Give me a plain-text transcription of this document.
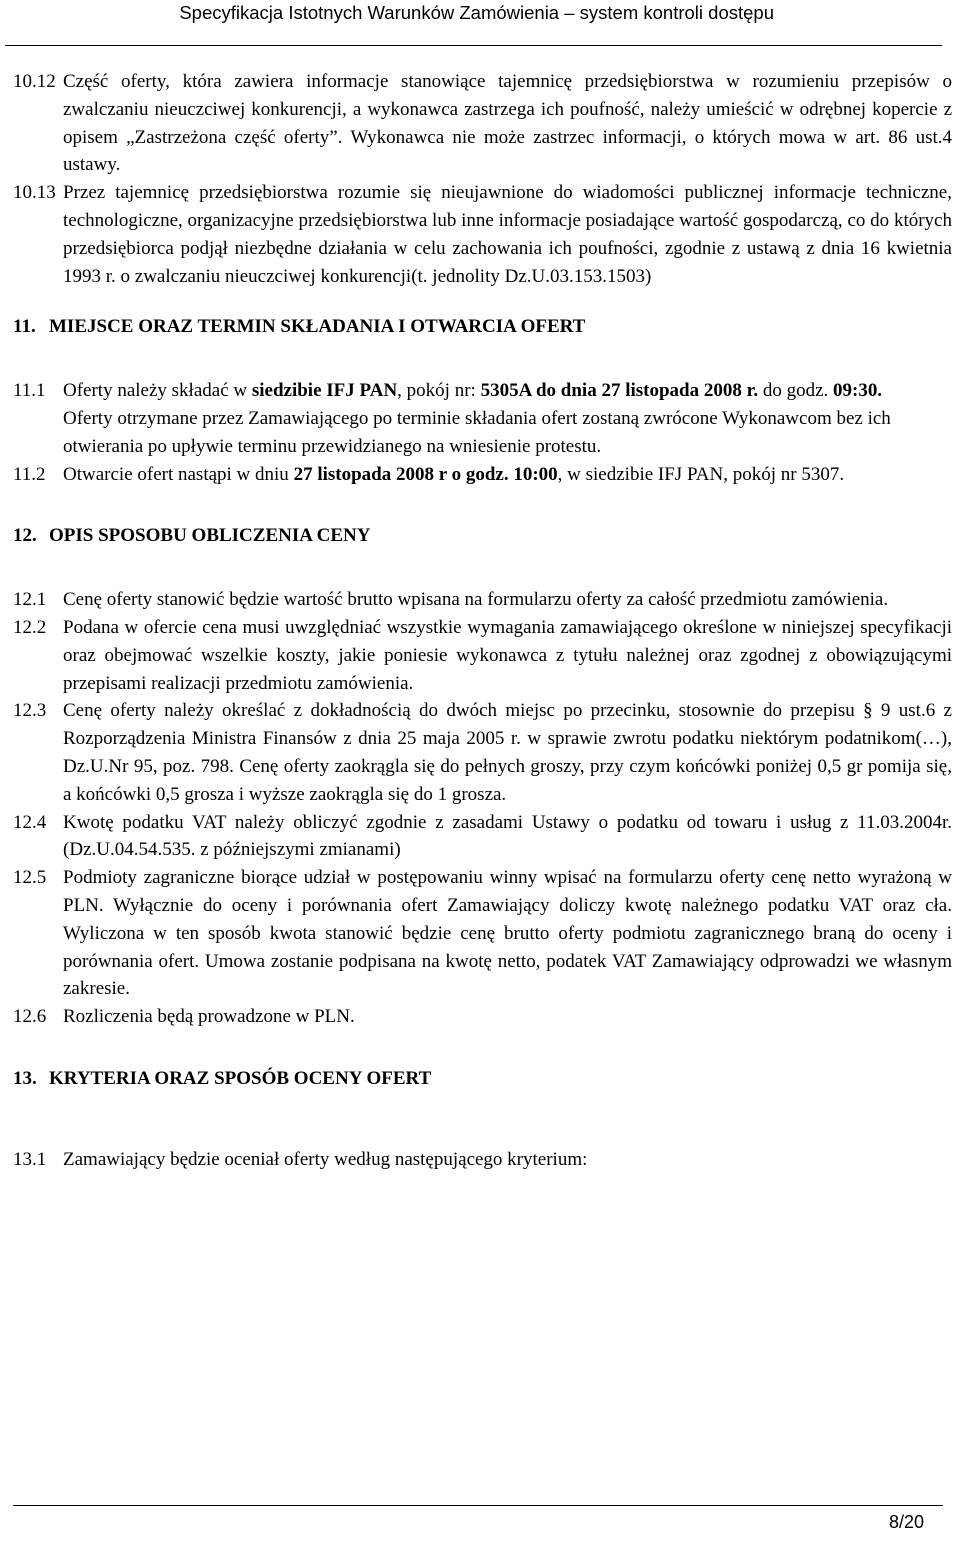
Specyfikacja Istotnych Warunków Zamówienia – system kontroli dostępu
10.12 Część oferty, która zawiera informacje stanowiące tajemnicę przedsiębiorstwa w rozumieniu przepisów o zwalczaniu nieuczciwej konkurencji, a wykonawca zastrzega ich poufność, należy umieścić w odrębnej kopercie z opisem „Zastrzeżona część oferty”. Wykonawca nie może zastrzec informacji, o których mowa w art. 86 ust.4 ustawy.
10.13 Przez tajemnicę przedsiębiorstwa rozumie się nieujawnione do wiadomości publicznej informacje techniczne, technologiczne, organizacyjne przedsiębiorstwa lub inne informacje posiadające wartość gospodarczą, co do których przedsiębiorca podjął niezbędne działania w celu zachowania ich poufności, zgodnie z ustawą z dnia 16 kwietnia 1993 r. o zwalczaniu nieuczciwej konkurencji(t. jednolity Dz.U.03.153.1503)
11. MIEJSCE ORAZ TERMIN SKŁADANIA I OTWARCIA OFERT
11.1 Oferty należy składać w siedzibie IFJ PAN, pokój nr: 5305A do dnia 27 listopada 2008 r. do godz. 09:30.

Oferty otrzymane przez Zamawiającego po terminie składania ofert zostaną zwrócone Wykonawcom bez ich otwierania po upływie terminu przewidzianego na wniesienie protestu.

11.2 Otwarcie ofert nastąpi w dniu 27 listopada 2008 r o godz. 10:00, w siedzibie IFJ PAN, pokój nr 5307.
12. OPIS SPOSOBU OBLICZENIA CENY
12.1 Cenę oferty stanowić będzie wartość brutto wpisana na formularzu oferty za całość przedmiotu zamówienia.
12.2 Podana w ofercie cena musi uwzględniać wszystkie wymagania zamawiającego określone w niniejszej specyfikacji oraz obejmować wszelkie koszty, jakie poniesie wykonawca z tytułu należnej oraz zgodnej z obowiązującymi przepisami realizacji przedmiotu zamówienia.
12.3 Cenę oferty należy określać z dokładnością do dwóch miejsc po przecinku, stosownie do przepisu § 9 ust.6 z Rozporządzenia Ministra Finansów z dnia 25 maja 2005 r. w sprawie zwrotu podatku niektórym podatnikom(…), Dz.U.Nr 95, poz. 798. Cenę oferty zaokrągla się do pełnych groszy, przy czym końcówki poniżej 0,5 gr pomija się, a końcówki 0,5 grosza i wyższe zaokrągla się do 1 grosza.
12.4 Kwotę podatku VAT należy obliczyć zgodnie z zasadami Ustawy o podatku od towaru i usług z 11.03.2004r. (Dz.U.04.54.535. z późniejszymi zmianami)
12.5 Podmioty zagraniczne biorące udział w postępowaniu winny wpisać na formularzu oferty cenę netto wyrażoną w PLN. Wyłącznie do oceny i porównania ofert Zamawiający doliczy kwotę należnego podatku VAT oraz cła. Wyliczona w ten sposób kwota stanowić będzie cenę brutto oferty podmiotu zagranicznego braną do oceny i porównania ofert. Umowa zostanie podpisana na kwotę netto, podatek VAT Zamawiający odprowadzi we własnym zakresie.
12.6 Rozliczenia będą prowadzone w PLN.
13. KRYTERIA ORAZ SPOSÓB OCENY OFERT
13.1 Zamawiający będzie oceniał oferty według następującego kryterium:
8/20
